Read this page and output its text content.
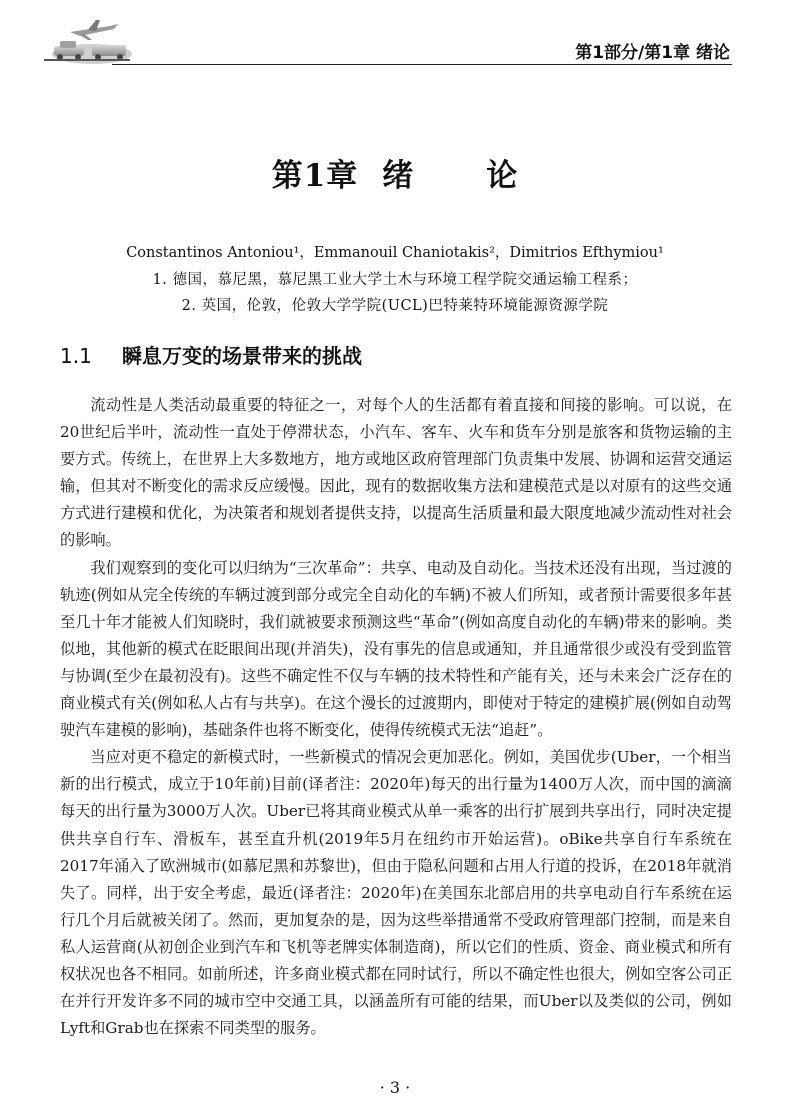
第1部分/第1章 绪论
第1章 绪 论
Constantinos Antoniou¹，Emmanouil Chaniotakis²，Dimitrios Efthymiou¹
1. 德国，慕尼黑，慕尼黑工业大学土木与环境工程学院交通运输工程系；
2. 英国，伦敦，伦敦大学学院(UCL)巴特莱特环境能源资源学院
1.1 瞬息万变的场景带来的挑战

流动性是人类活动最重要的特征之一，对每个人的生活都有着直接和间接的影响。可以说，在20世纪后半叶，流动性一直处于停滞状态，小汽车、客车、火车和货车分别是旅客和货物运输的主要方式。传统上，在世界上大多数地方，地方或地区政府管理部门负责集中发展、协调和运营交通运输，但其对不断变化的需求反应缓慢。因此，现有的数据收集方法和建模范式是以对原有的这些交通方式进行建模和优化，为决策者和规划者提供支持，以提高生活质量和最大限度地减少流动性对社会的影响。

我们观察到的变化可以归纳为“三次革命”：共享、电动及自动化。当技术还没有出现，当过渡的轨迹(例如从完全传统的车辆过渡到部分或完全自动化的车辆)不被人们所知，或者预计需要很多年甚至几十年才能被人们知晓时，我们就被要求预测这些“革命”(例如高度自动化的车辆)带来的影响。类似地，其他新的模式在眨眼间出现(并消失)，没有事先的信息或通知，并且通常很少或没有受到监管与协调(至少在最初没有)。这些不确定性不仅与车辆的技术特性和产能有关，还与未来会广泛存在的商业模式有关(例如私人占有与共享)。在这个漫长的过渡期内，即使对于特定的建模扩展(例如自动驾驶汽车建模的影响)，基础条件也将不断变化，使得传统模式无法“追赶”。

当应对更不稳定的新模式时，一些新模式的情况会更加恶化。例如，美国优步(Uber，一个相当新的出行模式，成立于10年前)目前(译者注：2020年)每天的出行量为1400万人次，而中国的滴滴每天的出行量为3000万人次。Uber已将其商业模式从单一乘客的出行扩展到共享出行，同时决定提供共享自行车、滑板车，甚至直升机(2019年5月在纽约市开始运营)。oBike共享自行车系统在2017年涌入了欧洲城市(如慕尼黑和苏黎世)，但由于隐私问题和占用人行道的投诉，在2018年就消失了。同样，出于安全考虑，最近(译者注：2020年)在美国东北部启用的共享电动自行车系统在运行几个月后就被关闭了。然而，更加复杂的是，因为这些举措通常不受政府管理部门控制，而是来自私人运营商(从初创企业到汽车和飞机等老牌实体制造商)，所以它们的性质、资金、商业模式和所有权状况也各不相同。如前所述，许多商业模式都在同时试行，所以不确定性也很大，例如空客公司正在并行开发许多不同的城市空中交通工具，以涵盖所有可能的结果，而Uber以及类似的公司，例如Lyft和Grab也在探索不同类型的服务。

· 3 ·
